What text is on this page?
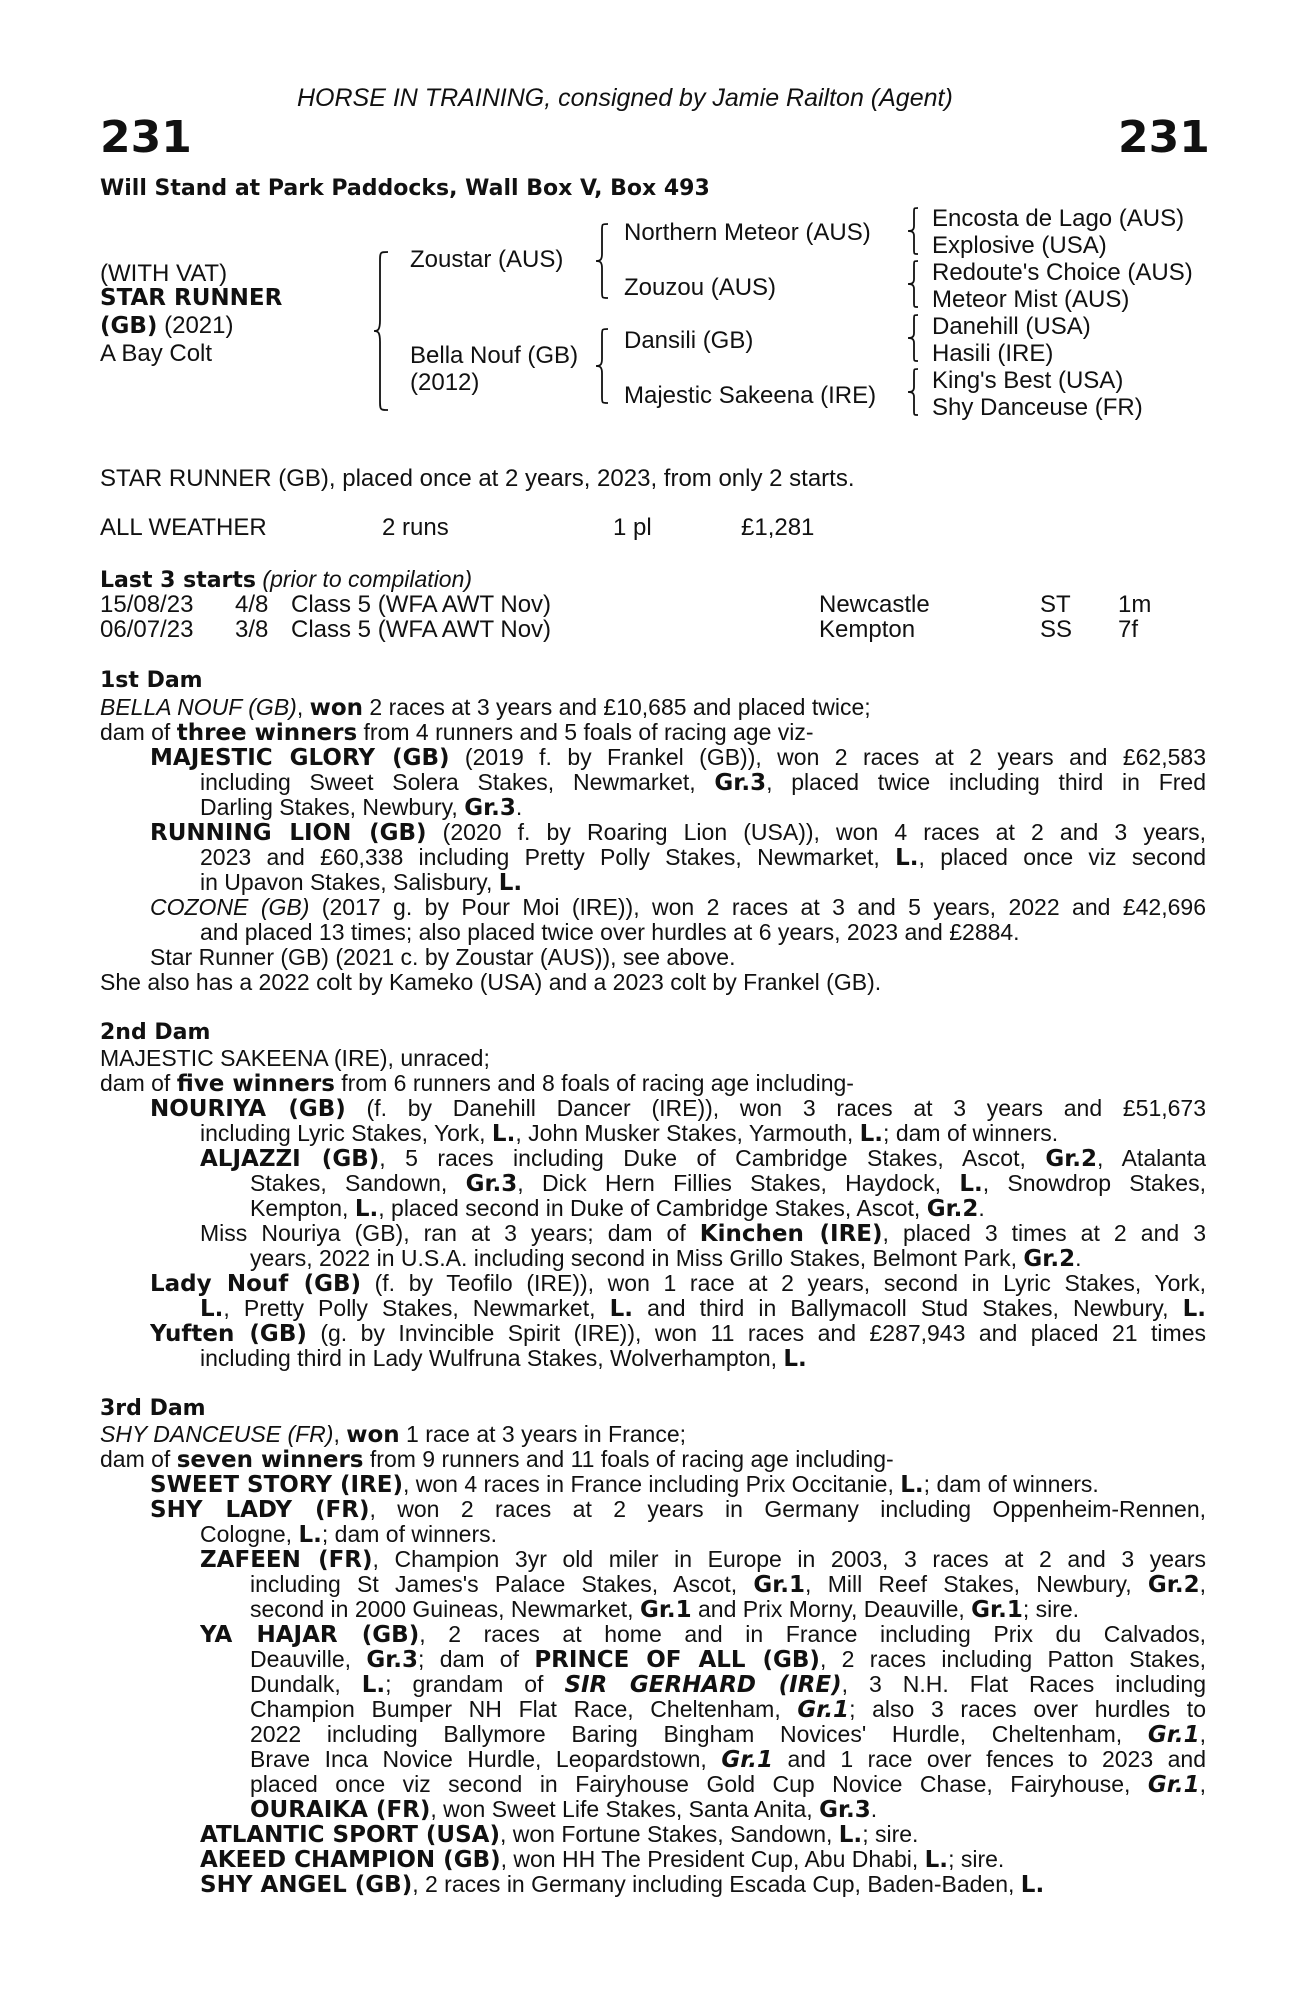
HORSE IN TRAINING, consigned by Jamie Railton (Agent)
231	231
Will Stand at Park Paddocks, Wall Box V, Box 493
(WITH VAT)
STAR RUNNER
(GB) (2021)
A Bay Colt
Zoustar (AUS)
Bella Nouf (GB)
(2012)
Northern Meteor (AUS)
Zouzou (AUS)
Dansili (GB)
Majestic Sakeena (IRE)
Encosta de Lago (AUS)
Explosive (USA)
Redoute's Choice (AUS)
Meteor Mist (AUS)
Danehill (USA)
Hasili (IRE)
King's Best (USA)
Shy Danceuse (FR)
STAR RUNNER (GB), placed once at 2 years, 2023, from only 2 starts.
ALL WEATHER	2 runs	1 pl	£1,281
Last 3 starts (prior to compilation)
15/08/23 4/8 Class 5 (WFA AWT Nov)	Newcastle	ST 1m
06/07/23 3/8 Class 5 (WFA AWT Nov)	Kempton	SS 7f
1st Dam
BELLA NOUF (GB), won 2 races at 3 years and £10,685 and placed twice;
dam of three winners from 4 runners and 5 foals of racing age viz-
MAJESTIC GLORY (GB) (2019 f. by Frankel (GB)), won 2 races at 2 years and £62,583
including Sweet Solera Stakes, Newmarket, Gr.3, placed twice including third in Fred
Darling Stakes, Newbury, Gr.3.
RUNNING LION (GB) (2020 f. by Roaring Lion (USA)), won 4 races at 2 and 3 years,
2023 and £60,338 including Pretty Polly Stakes, Newmarket, L., placed once viz second
in Upavon Stakes, Salisbury, L.
COZONE (GB) (2017 g. by Pour Moi (IRE)), won 2 races at 3 and 5 years, 2022 and £42,696
and placed 13 times; also placed twice over hurdles at 6 years, 2023 and £2884.
Star Runner (GB) (2021 c. by Zoustar (AUS)), see above.
She also has a 2022 colt by Kameko (USA) and a 2023 colt by Frankel (GB).
2nd Dam
MAJESTIC SAKEENA (IRE), unraced;
dam of five winners from 6 runners and 8 foals of racing age including-
NOURIYA (GB) (f. by Danehill Dancer (IRE)), won 3 races at 3 years and £51,673
including Lyric Stakes, York, L., John Musker Stakes, Yarmouth, L.; dam of winners.
ALJAZZI (GB), 5 races including Duke of Cambridge Stakes, Ascot, Gr.2, Atalanta
Stakes, Sandown, Gr.3, Dick Hern Fillies Stakes, Haydock, L., Snowdrop Stakes,
Kempton, L., placed second in Duke of Cambridge Stakes, Ascot, Gr.2.
Miss Nouriya (GB), ran at 3 years; dam of Kinchen (IRE), placed 3 times at 2 and 3
years, 2022 in U.S.A. including second in Miss Grillo Stakes, Belmont Park, Gr.2.
Lady Nouf (GB) (f. by Teofilo (IRE)), won 1 race at 2 years, second in Lyric Stakes, York,
L., Pretty Polly Stakes, Newmarket, L. and third in Ballymacoll Stud Stakes, Newbury, L.
Yuften (GB) (g. by Invincible Spirit (IRE)), won 11 races and £287,943 and placed 21 times
including third in Lady Wulfruna Stakes, Wolverhampton, L.
3rd Dam
SHY DANCEUSE (FR), won 1 race at 3 years in France;
dam of seven winners from 9 runners and 11 foals of racing age including-
SWEET STORY (IRE), won 4 races in France including Prix Occitanie, L.; dam of winners.
SHY LADY (FR), won 2 races at 2 years in Germany including Oppenheim-Rennen,
Cologne, L.; dam of winners.
ZAFEEN (FR), Champion 3yr old miler in Europe in 2003, 3 races at 2 and 3 years
including St James's Palace Stakes, Ascot, Gr.1, Mill Reef Stakes, Newbury, Gr.2,
second in 2000 Guineas, Newmarket, Gr.1 and Prix Morny, Deauville, Gr.1; sire.
YA HAJAR (GB), 2 races at home and in France including Prix du Calvados,
Deauville, Gr.3; dam of PRINCE OF ALL (GB), 2 races including Patton Stakes,
Dundalk, L.; grandam of SIR GERHARD (IRE), 3 N.H. Flat Races including
Champion Bumper NH Flat Race, Cheltenham, Gr.1; also 3 races over hurdles to
2022 including Ballymore Baring Bingham Novices' Hurdle, Cheltenham, Gr.1,
Brave Inca Novice Hurdle, Leopardstown, Gr.1 and 1 race over fences to 2023 and
placed once viz second in Fairyhouse Gold Cup Novice Chase, Fairyhouse, Gr.1,
OURAIKA (FR), won Sweet Life Stakes, Santa Anita, Gr.3.
ATLANTIC SPORT (USA), won Fortune Stakes, Sandown, L.; sire.
AKEED CHAMPION (GB), won HH The President Cup, Abu Dhabi, L.; sire.
SHY ANGEL (GB), 2 races in Germany including Escada Cup, Baden-Baden, L.
